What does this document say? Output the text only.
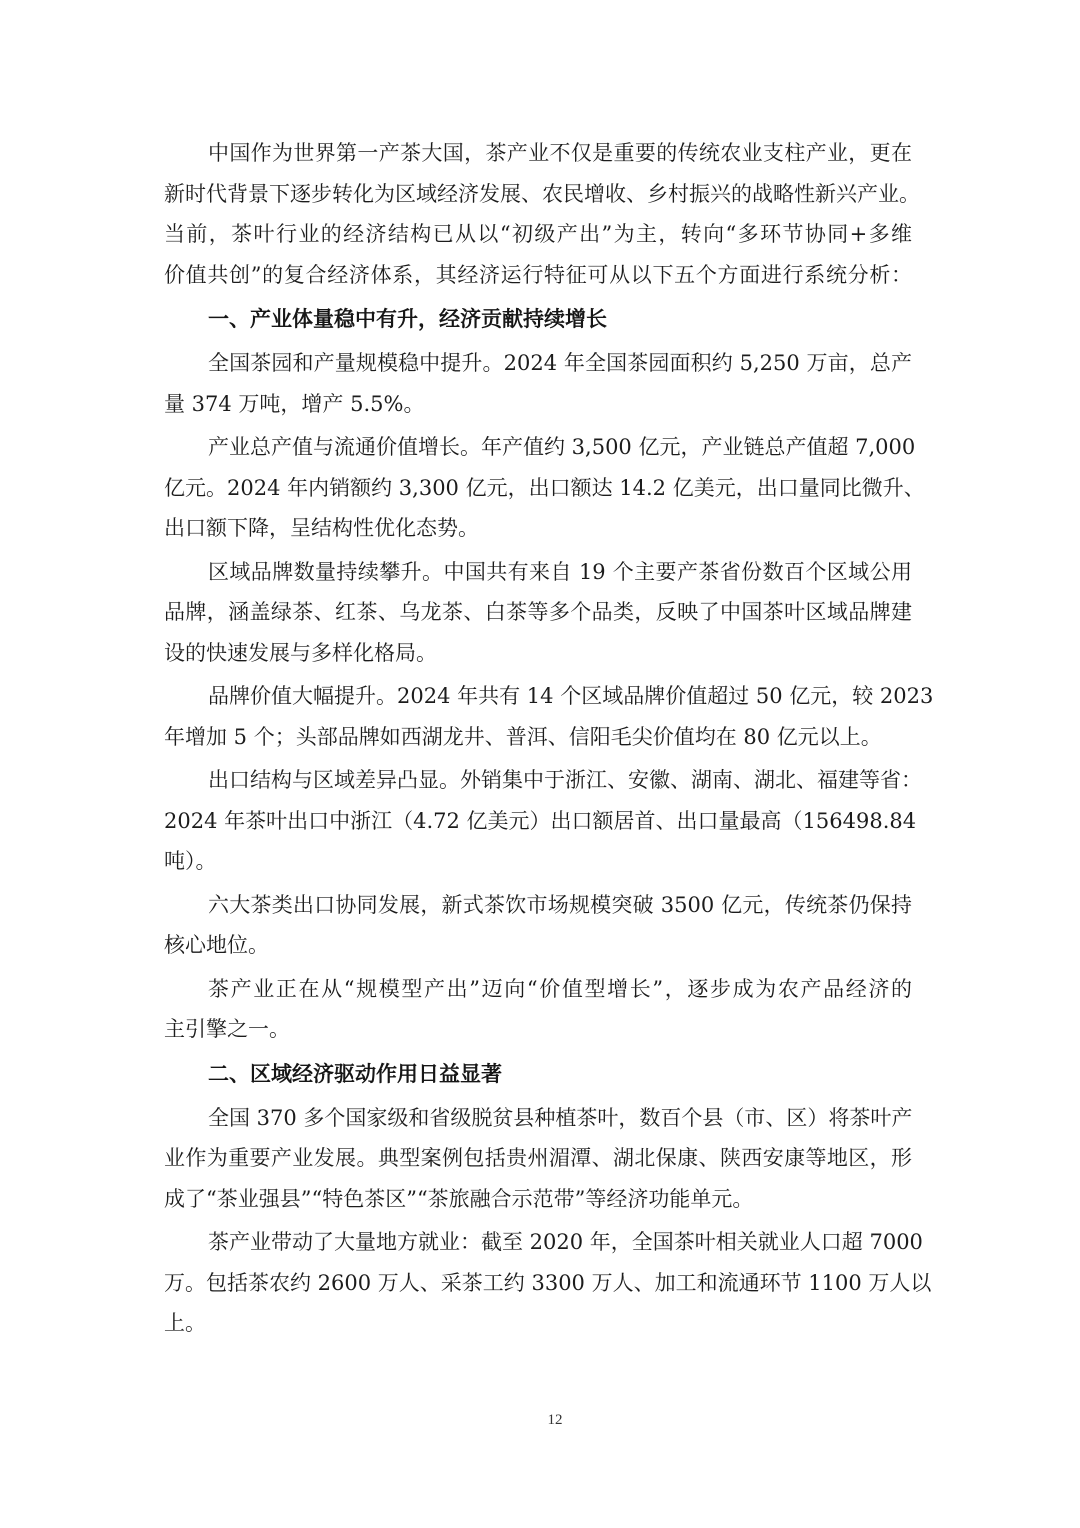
中国作为世界第一产茶大国，茶产业不仅是重要的传统农业支柱产业，更在
新时代背景下逐步转化为区域经济发展、农民增收、乡村振兴的战略性新兴产业。
当前，茶叶行业的经济结构已从以“初级产出”为主，转向“多环节协同+多维
价值共创”的复合经济体系，其经济运行特征可从以下五个方面进行系统分析：
一、产业体量稳中有升，经济贡献持续增长
全国茶园和产量规模稳中提升。2024 年全国茶园面积约 5,250 万亩，总产
量 374 万吨，增产 5.5%。
产业总产值与流通价值增长。年产值约 3,500 亿元，产业链总产值超 7,000
亿元。2024 年内销额约 3,300 亿元，出口额达 14.2 亿美元，出口量同比微升、
出口额下降，呈结构性优化态势。
区域品牌数量持续攀升。中国共有来自 19 个主要产茶省份数百个区域公用
品牌，涵盖绿茶、红茶、乌龙茶、白茶等多个品类，反映了中国茶叶区域品牌建
设的快速发展与多样化格局。
品牌价值大幅提升。2024 年共有 14 个区域品牌价值超过 50 亿元，较 2023
年增加 5 个；头部品牌如西湖龙井、普洱、信阳毛尖价值均在 80 亿元以上。
出口结构与区域差异凸显。外销集中于浙江、安徽、湖南、湖北、福建等省：
2024 年茶叶出口中浙江（4.72 亿美元）出口额居首、出口量最高（156498.84
吨）。
六大茶类出口协同发展，新式茶饮市场规模突破 3500 亿元，传统茶仍保持
核心地位。
茶产业正在从“规模型产出”迈向“价值型增长”，逐步成为农产品经济的
主引擎之一。
二、区域经济驱动作用日益显著
全国 370 多个国家级和省级脱贫县种植茶叶，数百个县（市、区）将茶叶产
业作为重要产业发展。典型案例包括贵州湄潭、湖北保康、陕西安康等地区，形
成了“茶业强县”“特色茶区”“茶旅融合示范带”等经济功能单元。
茶产业带动了大量地方就业：截至 2020 年，全国茶叶相关就业人口超 7000
万。包括茶农约 2600 万人、采茶工约 3300 万人、加工和流通环节 1100 万人以
上。
12
